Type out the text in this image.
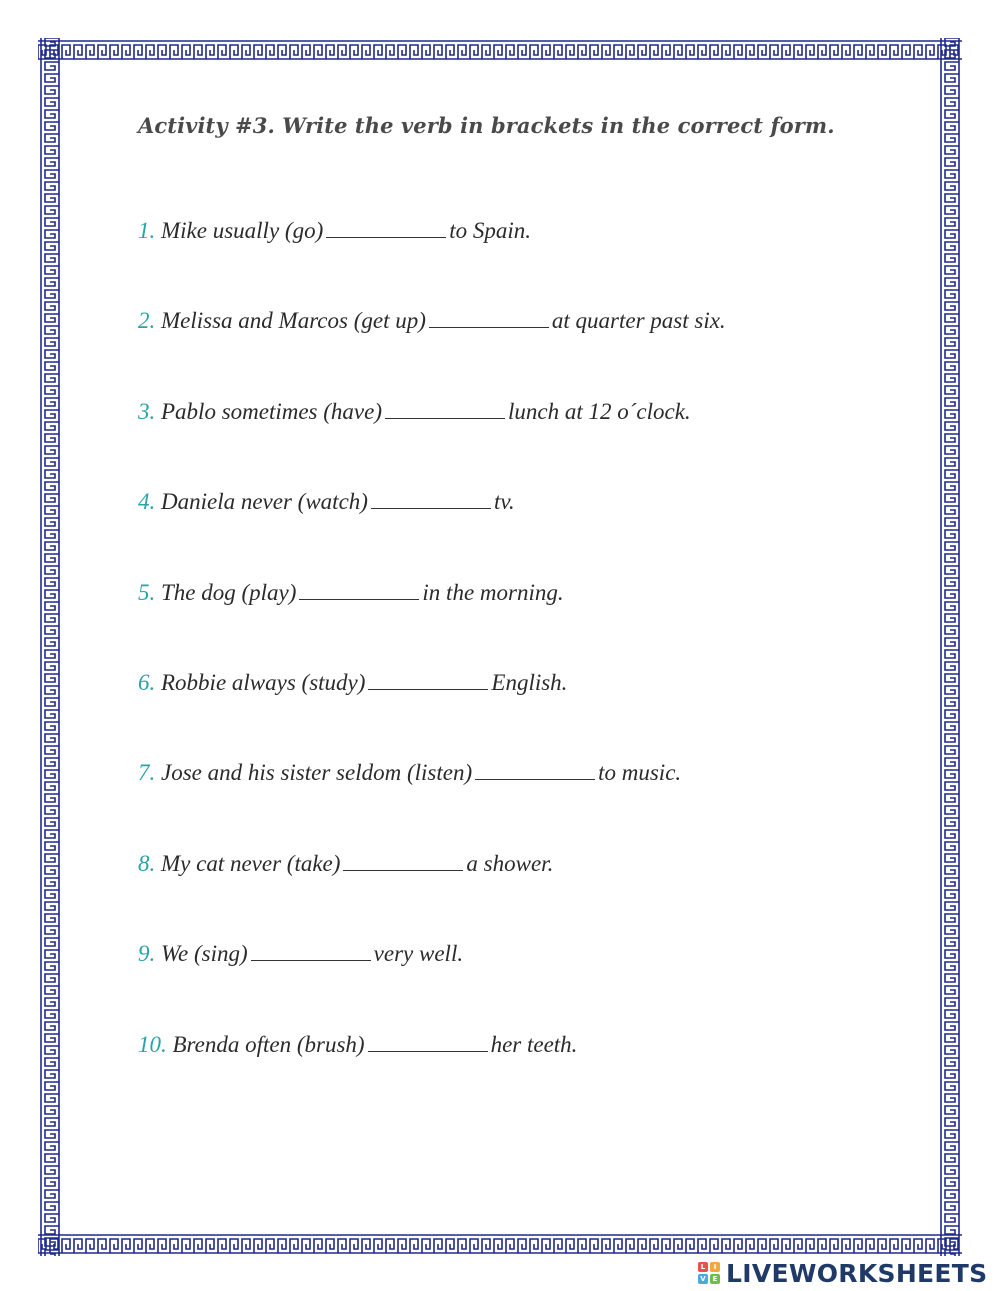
Activity #3. Write the verb in brackets in the correct form.
1. Mike usually (go)	to Spain.
2. Melissa and Marcos (get up)	at quarter past six.
3. Pablo sometimes (have)	lunch at 12 o´clock.
4. Daniela never (watch)	tv.
5. The dog (play)	in the morning.
6. Robbie always (study)	English.
7. Jose and his sister seldom (listen)	to music.
8. My cat never (take)	a shower.
9. We (sing)	very well.
10. Brenda often (brush)	her teeth.
L	I
V E LIVEWORKSHEETS
